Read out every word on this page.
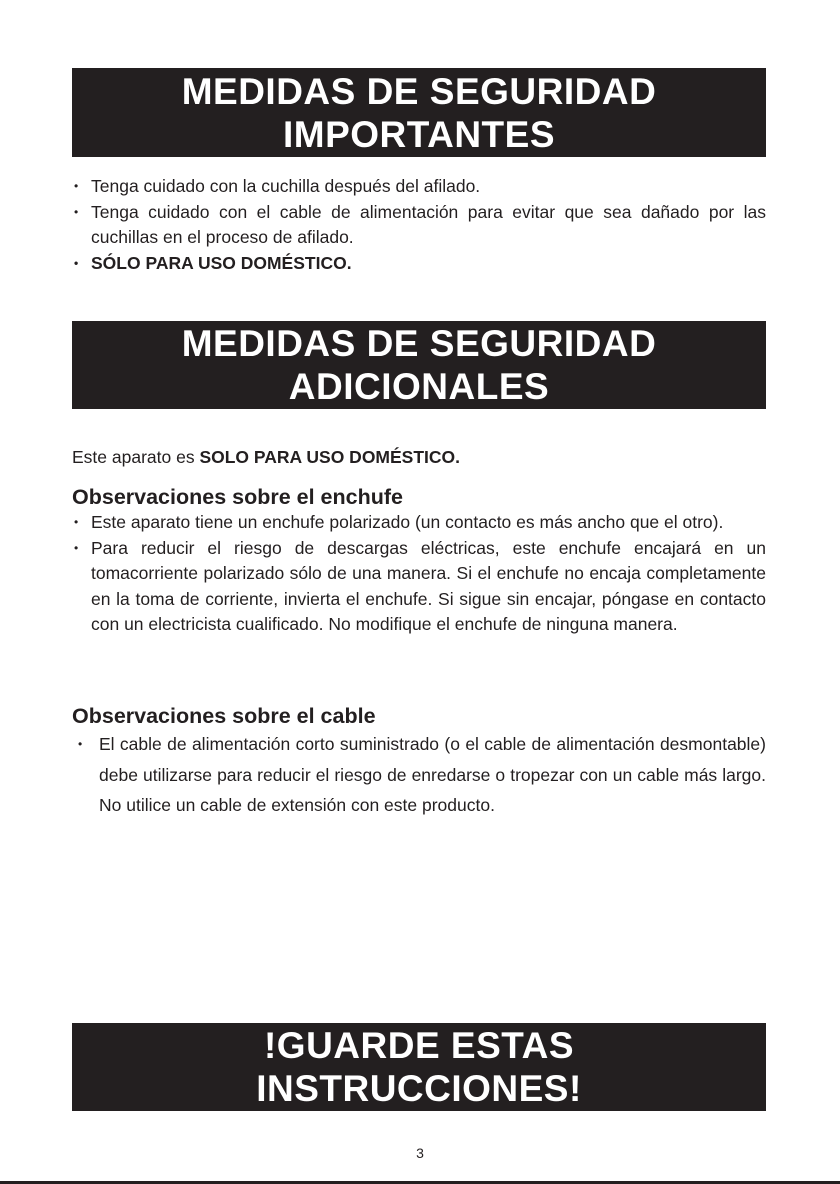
MEDIDAS DE SEGURIDAD
IMPORTANTES
• Tenga cuidado con la cuchilla después del afilado.
• Tenga cuidado con el cable de alimentación para evitar que sea dañado por las cuchillas en el proceso de afilado.
• SÓLO PARA USO DOMÉSTICO.
MEDIDAS DE SEGURIDAD
ADICIONALES
Este aparato es SOLO PARA USO DOMÉSTICO.
Observaciones sobre el enchufe
• Este aparato tiene un enchufe polarizado (un contacto es más ancho que el otro).
• Para reducir el riesgo de descargas eléctricas, este enchufe encajará en un tomacorriente polarizado sólo de una manera. Si el enchufe no encaja completamente en la toma de corriente, invierta el enchufe. Si sigue sin encajar, póngase en contacto con un electricista cualificado. No modifique el enchufe de ninguna manera.
Observaciones sobre el cable
• El cable de alimentación corto suministrado (o el cable de alimentación desmontable) debe utilizarse para reducir el riesgo de enredarse o tropezar con un cable más largo. No utilice un cable de extensión con este producto.
!GUARDE ESTAS
INSTRUCCIONES!
3
